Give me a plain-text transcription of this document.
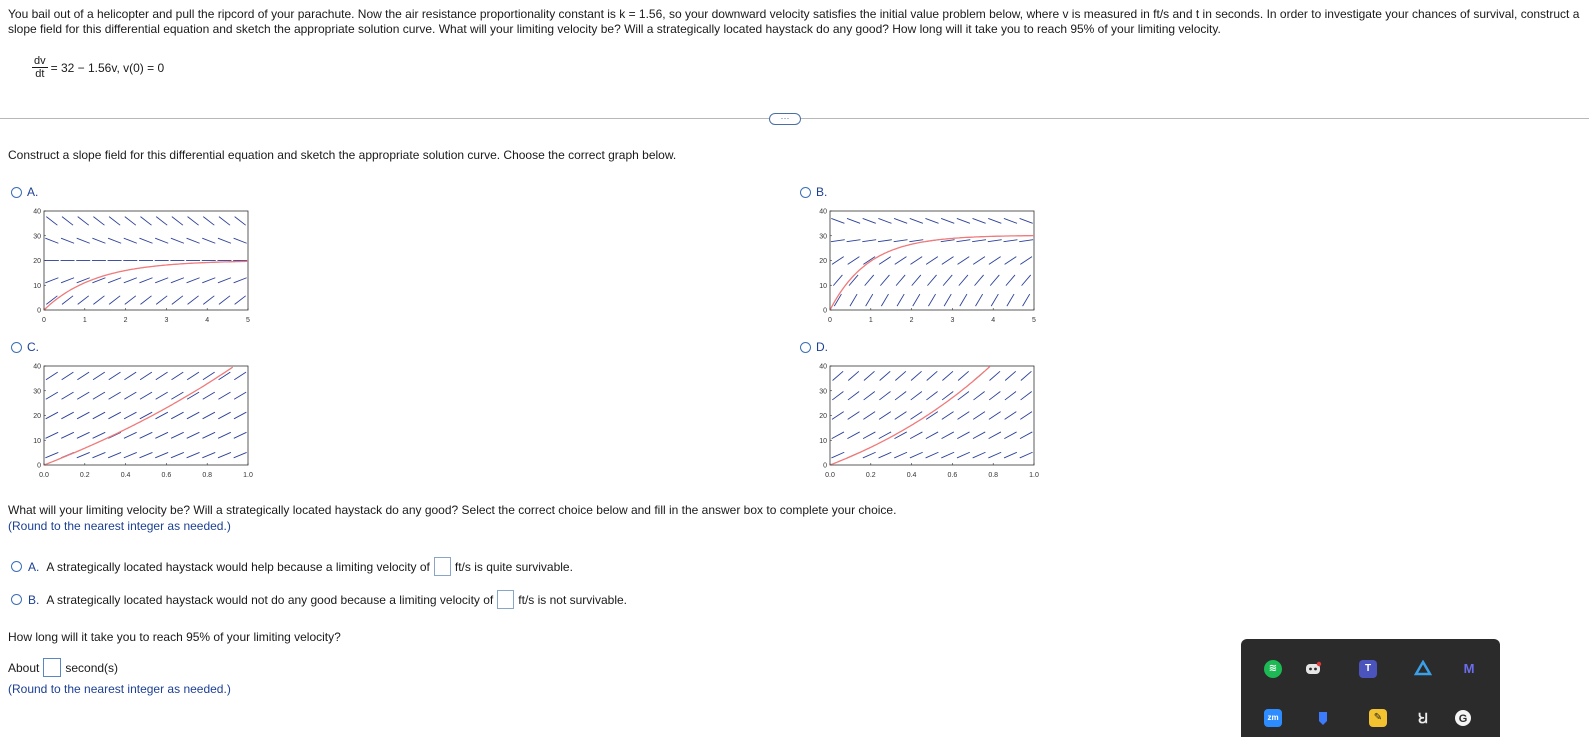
You bail out of a helicopter and pull the ripcord of your parachute. Now the air resistance proportionality constant is k = 1.56, so your downward velocity satisfies the initial value problem below, where v is measured in ft/s and t in seconds. In order to investigate your chances of survival, construct a slope field for this differential equation and sketch the appropriate solution curve. What will your limiting velocity be? Will a strategically located haystack do any good? How long will it take you to reach 95% of your limiting velocity.
$\frac{dv}{dt} = 32 - 1.56v$, v(0) = 0
···
Construct a slope field for this differential equation and sketch the appropriate solution curve. Choose the correct graph below.
A.
0	1	2	3	4	5
0
10
20
30
40
B.
0	1	2	3	4	5
0
10
20
30
40
C.
0.0	0.2	0.4	0.6	0.8	1.0
0
10
20
30
40
D.
0.0	0.2	0.4	0.6	0.8	1.0
0
10
20
30
40
What will your limiting velocity be? Will a strategically located haystack do any good? Select the correct choice below and fill in the answer box to complete your choice.
(Round to the nearest integer as needed.)
A. A strategically located haystack would help because a limiting velocity of ft/s is quite survivable.
B. A strategically located haystack would not do any good because a limiting velocity of ft/s is not survivable.
How long will it take you to reach 95% of your limiting velocity?
About second(s)
(Round to the nearest integer as needed.)
≋	T	M
zm	✎	Ꞟ	G
